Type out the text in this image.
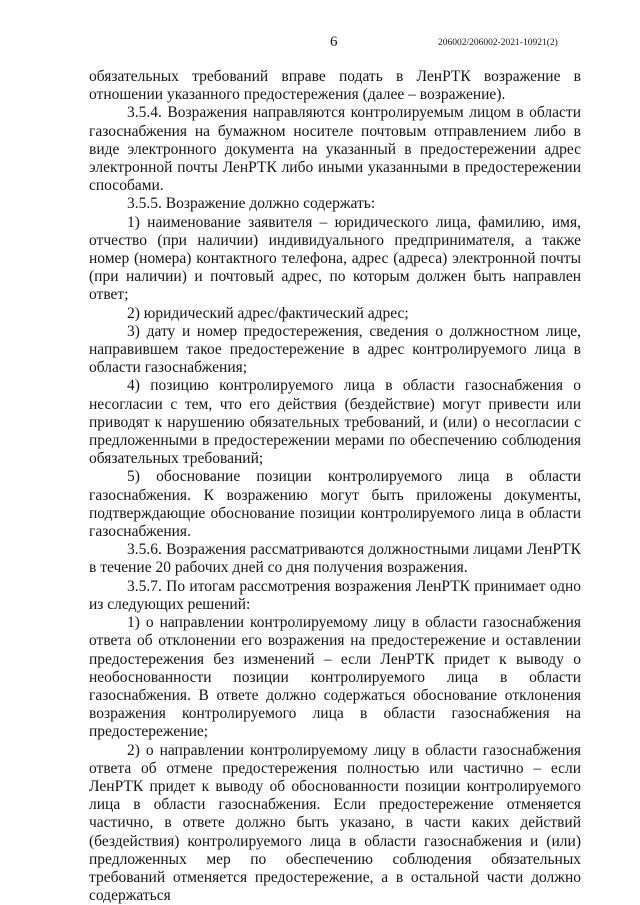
6	206002/206002-2021-10921(2)

обязательных требований вправе подать в ЛенРТК возражение в отношении указанного предостережения (далее – возражение).

3.5.4. Возражения направляются контролируемым лицом в области газоснабжения на бумажном носителе почтовым отправлением либо в виде электронного документа на указанный в предостережении адрес электронной почты ЛенРТК либо иными указанными в предостережении способами.

3.5.5. Возражение должно содержать:

1) наименование заявителя – юридического лица, фамилию, имя, отчество (при наличии) индивидуального предпринимателя, а также номер (номера) контактного телефона, адрес (адреса) электронной почты (при наличии) и почтовый адрес, по которым должен быть направлен ответ;

2) юридический адрес/фактический адрес;

3) дату и номер предостережения, сведения о должностном лице, направившем такое предостережение в адрес контролируемого лица в области газоснабжения;

4) позицию контролируемого лица в области газоснабжения о несогласии с тем, что его действия (бездействие) могут привести или приводят к нарушению обязательных требований, и (или) о несогласии с предложенными в предостережении мерами по обеспечению соблюдения обязательных требований;

5) обоснование позиции контролируемого лица в области газоснабжения. К возражению могут быть приложены документы, подтверждающие обоснование позиции контролируемого лица в области газоснабжения.

3.5.6. Возражения рассматриваются должностными лицами ЛенРТК в течение 20 рабочих дней со дня получения возражения.

3.5.7. По итогам рассмотрения возражения ЛенРТК принимает одно из следующих решений:

1) о направлении контролируемому лицу в области газоснабжения ответа об отклонении его возражения на предостережение и оставлении предостережения без изменений – если ЛенРТК придет к выводу о необоснованности позиции контролируемого лица в области газоснабжения. В ответе должно содержаться обоснование отклонения возражения контролируемого лица в области газоснабжения на предостережение;

2) о направлении контролируемому лицу в области газоснабжения ответа об отмене предостережения полностью или частично – если ЛенРТК придет к выводу об обоснованности позиции контролируемого лица в области газоснабжения. Если предостережение отменяется частично, в ответе должно быть указано, в части каких действий (бездействия) контролируемого лица в области газоснабжения и (или) предложенных мер по обеспечению соблюдения обязательных требований отменяется предостережение, а в остальной части должно содержаться
